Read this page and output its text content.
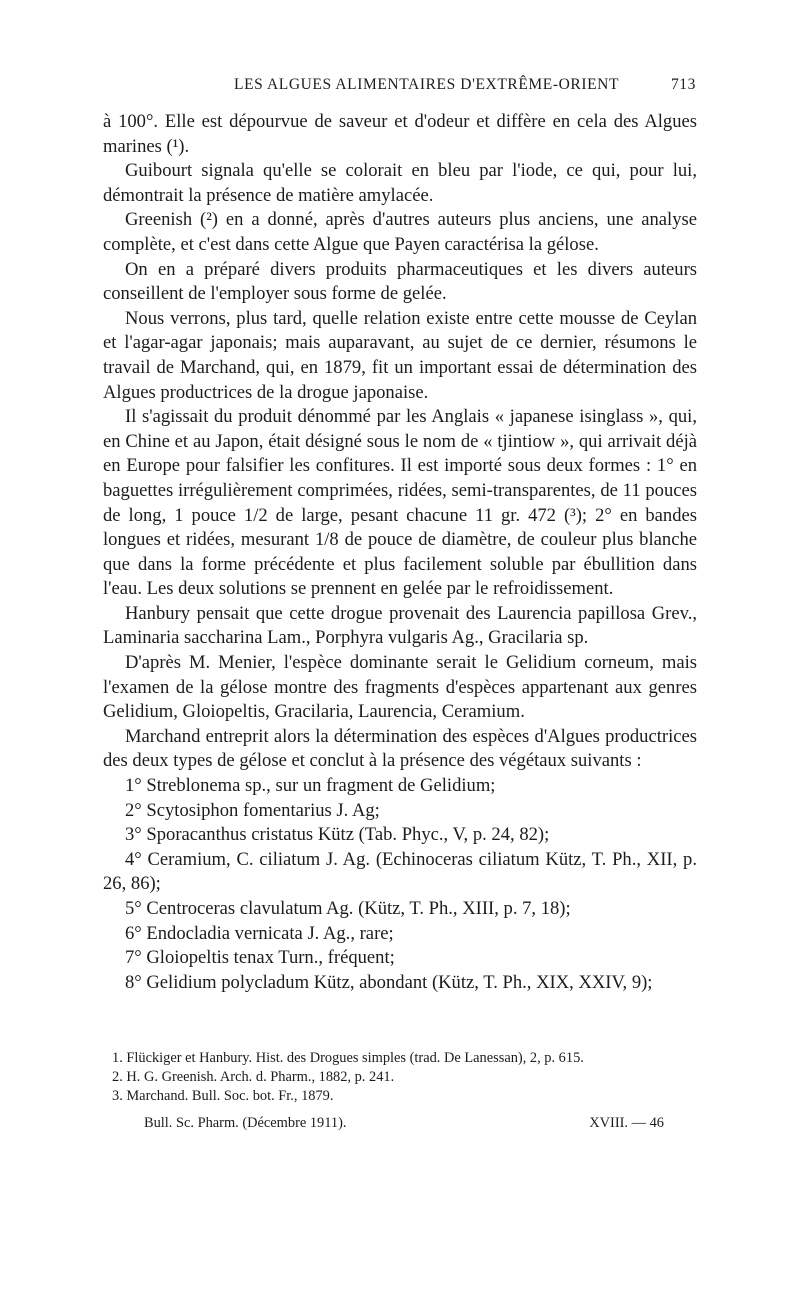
LES ALGUES ALIMENTAIRES D'EXTRÊME-ORIENT	713

à 100°. Elle est dépourvue de saveur et d'odeur et diffère en cela des Algues marines (¹).

Guibourt signala qu'elle se colorait en bleu par l'iode, ce qui, pour lui, démontrait la présence de matière amylacée.

Greenish (²) en a donné, après d'autres auteurs plus anciens, une analyse complète, et c'est dans cette Algue que Payen caractérisa la gélose.

On en a préparé divers produits pharmaceutiques et les divers auteurs conseillent de l'employer sous forme de gelée.

Nous verrons, plus tard, quelle relation existe entre cette mousse de Ceylan et l'agar-agar japonais; mais auparavant, au sujet de ce dernier, résumons le travail de Marchand, qui, en 1879, fit un important essai de détermination des Algues productrices de la drogue japonaise.

Il s'agissait du produit dénommé par les Anglais « japanese isinglass », qui, en Chine et au Japon, était désigné sous le nom de « tjintiow », qui arrivait déjà en Europe pour falsifier les confitures. Il est importé sous deux formes : 1° en baguettes irrégulièrement comprimées, ridées, semi-transparentes, de 11 pouces de long, 1 pouce 1/2 de large, pesant chacune 11 gr. 472 (³); 2° en bandes longues et ridées, mesurant 1/8 de pouce de diamètre, de couleur plus blanche que dans la forme précédente et plus facilement soluble par ébullition dans l'eau. Les deux solutions se prennent en gelée par le refroidissement.

Hanbury pensait que cette drogue provenait des Laurencia papillosa Grev., Laminaria saccharina Lam., Porphyra vulgaris Ag., Gracilaria sp.

D'après M. Menier, l'espèce dominante serait le Gelidium corneum, mais l'examen de la gélose montre des fragments d'espèces appartenant aux genres Gelidium, Gloiopeltis, Gracilaria, Laurencia, Ceramium.

Marchand entreprit alors la détermination des espèces d'Algues productrices des deux types de gélose et conclut à la présence des végétaux suivants :

1° Streblonema sp., sur un fragment de Gelidium;

2° Scytosiphon fomentarius J. Ag;

3° Sporacanthus cristatus Kütz (Tab. Phyc., V, p. 24, 82);

4° Ceramium, C. ciliatum J. Ag. (Echinoceras ciliatum Kütz, T. Ph., XII, p. 26, 86);

5° Centroceras clavulatum Ag. (Kütz, T. Ph., XIII, p. 7, 18);

6° Endocladia vernicata J. Ag., rare;

7° Gloiopeltis tenax Turn., fréquent;

8° Gelidium polycladum Kütz, abondant (Kütz, T. Ph., XIX, XXIV, 9);

1. Flückiger et Hanbury. Hist. des Drogues simples (trad. De Lanessan), 2, p. 615.
2. H. G. Greenish. Arch. d. Pharm., 1882, p. 241.
3. Marchand. Bull. Soc. bot. Fr., 1879.
Bull. Sc. Pharm. (Décembre 1911).	XVIII. — 46
